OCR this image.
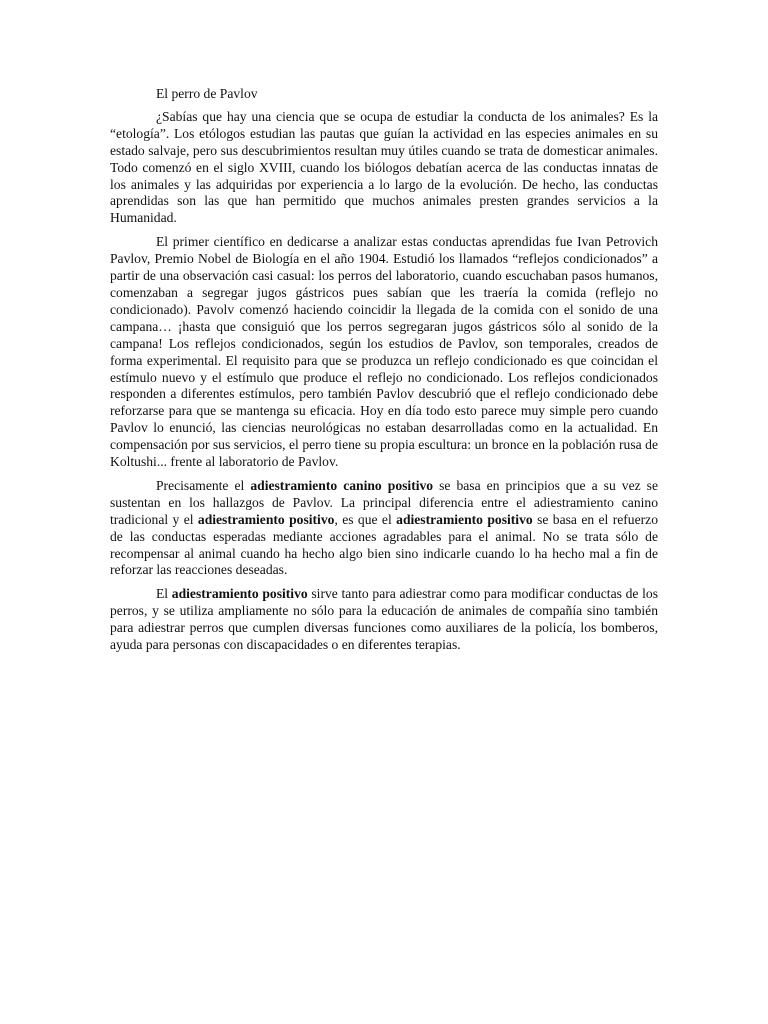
El perro de Pavlov

¿Sabías que hay una ciencia que se ocupa de estudiar la conducta de los animales? Es la “etología”. Los etólogos estudian las pautas que guían la actividad en las especies animales en su estado salvaje, pero sus descubrimientos resultan muy útiles cuando se trata de domesticar animales. Todo comenzó en el siglo XVIII, cuando los biólogos debatían acerca de las conductas innatas de los animales y las adquiridas por experiencia a lo largo de la evolución. De hecho, las conductas aprendidas son las que han permitido que muchos animales presten grandes servicios a la Humanidad.

El primer científico en dedicarse a analizar estas conductas aprendidas fue Ivan Petrovich Pavlov, Premio Nobel de Biología en el año 1904. Estudió los llamados “reflejos condicionados” a partir de una observación casi casual: los perros del laboratorio, cuando escuchaban pasos humanos, comenzaban a segregar jugos gástricos pues sabían que les traería la comida (reflejo no condicionado). Pavolv comenzó haciendo coincidir la llegada de la comida con el sonido de una campana… ¡hasta que consiguió que los perros segregaran jugos gástricos sólo al sonido de la campana! Los reflejos condicionados, según los estudios de Pavlov, son temporales, creados de forma experimental. El requisito para que se produzca un reflejo condicionado es que coincidan el estímulo nuevo y el estímulo que produce el reflejo no condicionado. Los reflejos condicionados responden a diferentes estímulos, pero también Pavlov descubrió que el reflejo condicionado debe reforzarse para que se mantenga su eficacia. Hoy en día todo esto parece muy simple pero cuando Pavlov lo enunció, las ciencias neurológicas no estaban desarrolladas como en la actualidad. En compensación por sus servicios, el perro tiene su propia escultura: un bronce en la población rusa de Koltushi... frente al laboratorio de Pavlov.

Precisamente el adiestramiento canino positivo se basa en principios que a su vez se sustentan en los hallazgos de Pavlov. La principal diferencia entre el adiestramiento canino tradicional y el adiestramiento positivo, es que el adiestramiento positivo se basa en el refuerzo de las conductas esperadas mediante acciones agradables para el animal. No se trata sólo de recompensar al animal cuando ha hecho algo bien sino indicarle cuando lo ha hecho mal a fin de reforzar las reacciones deseadas.

El adiestramiento positivo sirve tanto para adiestrar como para modificar conductas de los perros, y se utiliza ampliamente no sólo para la educación de animales de compañía sino también para adiestrar perros que cumplen diversas funciones como auxiliares de la policía, los bomberos, ayuda para personas con discapacidades o en diferentes terapias.
